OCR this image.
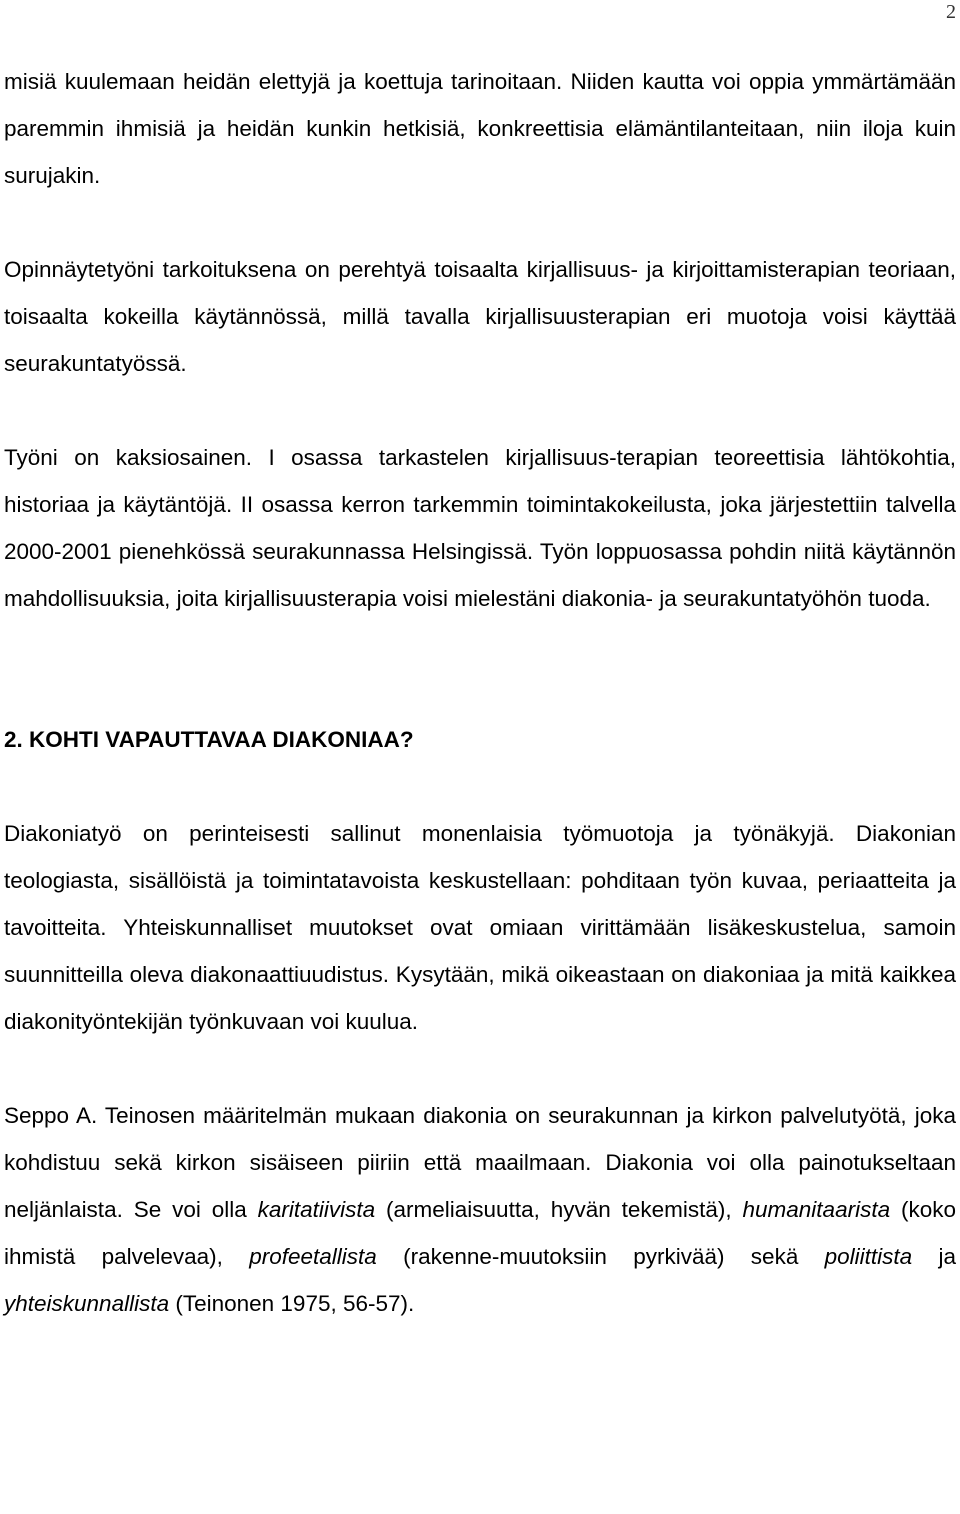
2

misiä kuulemaan heidän elettyjä ja koettuja tarinoitaan. Niiden kautta voi oppia ymmärtämään paremmin ihmisiä ja heidän kunkin hetkisiä, konkreettisia elämäntilanteitaan, niin iloja kuin surujakin.

Opinnäytetyöni tarkoituksena on perehtyä toisaalta kirjallisuus- ja kirjoittamisterapian teoriaan, toisaalta kokeilla käytännössä, millä tavalla kirjallisuusterapian eri muotoja voisi käyttää seurakuntatyössä.

Työni on kaksiosainen. I osassa tarkastelen kirjallisuus-terapian teoreettisia lähtökohtia, historiaa ja käytäntöjä. II osassa kerron tarkemmin toimintakokeilusta, joka järjestettiin talvella 2000-2001 pienehkössä seurakunnassa Helsingissä. Työn loppuosassa pohdin niitä käytännön mahdollisuuksia, joita kirjallisuusterapia voisi mielestäni diakonia- ja seurakuntatyöhön tuoda.

2. KOHTI VAPAUTTAVAA DIAKONIAA?

Diakoniatyö on perinteisesti sallinut monenlaisia työmuotoja ja työnäkyjä. Diakonian teologiasta, sisällöistä ja toimintatavoista keskustellaan: pohditaan työn kuvaa, periaatteita ja tavoitteita. Yhteiskunnalliset muutokset ovat omiaan virittämään lisäkeskustelua, samoin suunnitteilla oleva diakonaattiuudistus. Kysytään, mikä oikeastaan on diakoniaa ja mitä kaikkea diakonityöntekijän työnkuvaan voi kuulua.

Seppo A. Teinosen määritelmän mukaan diakonia on seurakunnan ja kirkon palvelutyötä, joka kohdistuu sekä kirkon sisäiseen piiriin että maailmaan. Diakonia voi olla painotukseltaan neljänlaista. Se voi olla karitatiivista (armeliaisuutta, hyvän tekemistä), humanitaarista (koko ihmistä palvelevaa), profeetallista (rakenne-muutoksiin pyrkivää) sekä poliittista ja yhteiskunnallista (Teinonen 1975, 56-57).
